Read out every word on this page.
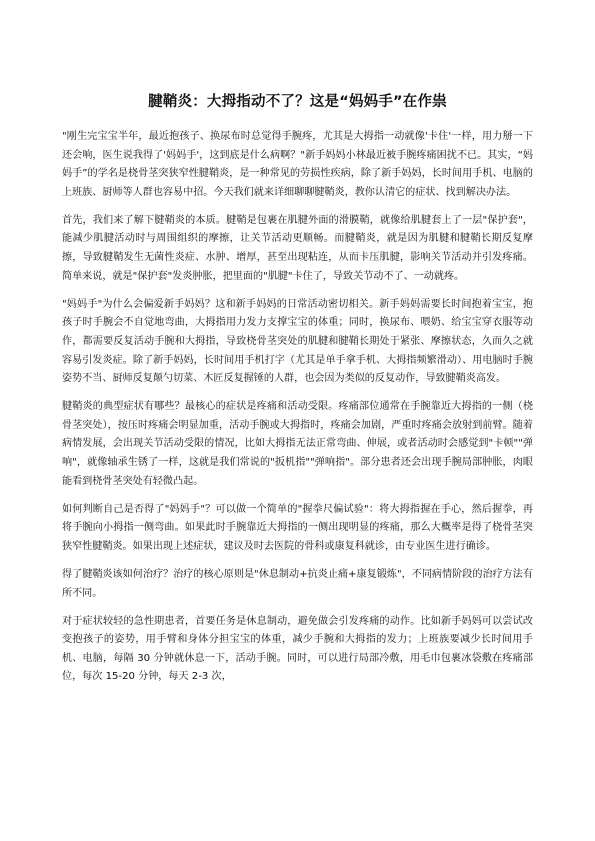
腱鞘炎：大拇指动不了？这是“妈妈手”在作祟

"刚生完宝宝半年，最近抱孩子、换尿布时总觉得手腕疼，尤其是大拇指一动就像'卡住'一样，用力掰一下还会响，医生说我得了'妈妈手'，这到底是什么病啊？"新手妈妈小林最近被手腕疼痛困扰不已。其实，“妈妈手”的学名是桡骨茎突狭窄性腱鞘炎，是一种常见的劳损性疾病，除了新手妈妈，长时间用手机、电脑的上班族、厨师等人群也容易中招。今天我们就来详细聊聊腱鞘炎，教你认清它的症状、找到解决办法。

首先，我们来了解下腱鞘炎的本质。腱鞘是包裹在肌腱外面的滑膜鞘，就像给肌腱套上了一层"保护套"，能减少肌腱活动时与周围组织的摩擦，让关节活动更顺畅。而腱鞘炎，就是因为肌腱和腱鞘长期反复摩擦，导致腱鞘发生无菌性炎症、水肿、增厚，甚至出现粘连，从而卡压肌腱，影响关节活动并引发疼痛。简单来说，就是"保护套"发炎肿胀，把里面的"肌腱"卡住了，导致关节动不了、一动就疼。

"妈妈手"为什么会偏爱新手妈妈？这和新手妈妈的日常活动密切相关。新手妈妈需要长时间抱着宝宝，抱孩子时手腕会不自觉地弯曲，大拇指用力发力支撑宝宝的体重；同时，换尿布、喂奶、给宝宝穿衣服等动作，都需要反复活动手腕和大拇指，导致桡骨茎突处的肌腱和腱鞘长期处于紧张、摩擦状态，久而久之就容易引发炎症。除了新手妈妈，长时间用手机打字（尤其是单手拿手机、大拇指频繁滑动）、用电脑时手腕姿势不当、厨师反复颠勺切菜、木匠反复握锤的人群，也会因为类似的反复动作，导致腱鞘炎高发。

腱鞘炎的典型症状有哪些？最核心的症状是疼痛和活动受限。疼痛部位通常在手腕靠近大拇指的一侧（桡骨茎突处），按压时疼痛会明显加重，活动手腕或大拇指时，疼痛会加剧，严重时疼痛会放射到前臂。随着病情发展，会出现关节活动受限的情况，比如大拇指无法正常弯曲、伸展，或者活动时会感觉到"卡顿""弹响"，就像轴承生锈了一样，这就是我们常说的"扳机指""弹响指"。部分患者还会出现手腕局部肿胀，肉眼能看到桡骨茎突处有轻微凸起。

如何判断自己是否得了"妈妈手"？可以做一个简单的"握拳尺偏试验"：将大拇指握在手心，然后握拳，再将手腕向小拇指一侧弯曲。如果此时手腕靠近大拇指的一侧出现明显的疼痛，那么大概率是得了桡骨茎突狭窄性腱鞘炎。如果出现上述症状，建议及时去医院的骨科或康复科就诊，由专业医生进行确诊。

得了腱鞘炎该如何治疗？治疗的核心原则是"休息制动+抗炎止痛+康复锻炼"，不同病情阶段的治疗方法有所不同。

对于症状较轻的急性期患者，首要任务是休息制动，避免做会引发疼痛的动作。比如新手妈妈可以尝试改变抱孩子的姿势，用手臂和身体分担宝宝的体重，减少手腕和大拇指的发力；上班族要减少长时间用手机、电脑，每隔 30 分钟就休息一下，活动手腕。同时，可以进行局部冷敷，用毛巾包裹冰袋敷在疼痛部位，每次 15-20 分钟，每天 2-3 次，
